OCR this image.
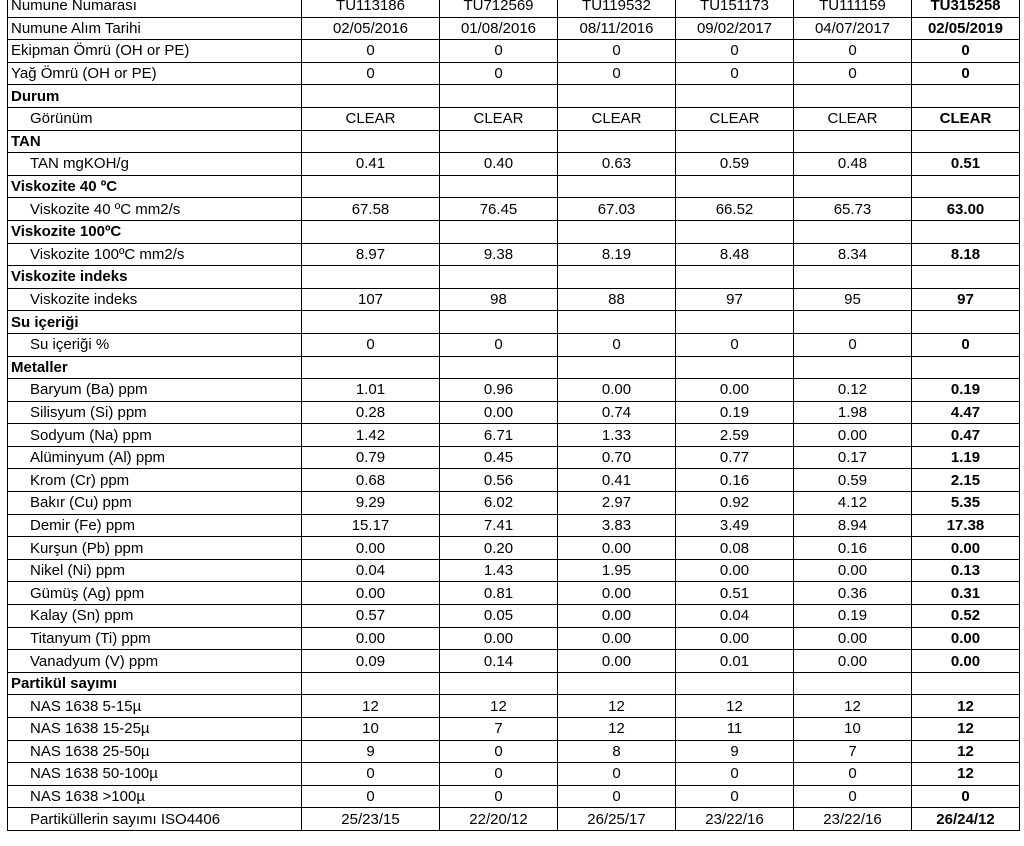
Numune Numarası	TU113186	TU712569	TU119532	TU151173	TU111159	TU315258
Numune Alım Tarihi	02/05/2016	01/08/2016	08/11/2016	09/02/2017	04/07/2017	02/05/2019
Ekipman Ömrü (OH or PE)	0	0	0	0	0	0
Yağ Ömrü (OH or PE)	0	0	0	0	0	0
Durum						
Görünüm	CLEAR	CLEAR	CLEAR	CLEAR	CLEAR	CLEAR
TAN						
TAN mgKOH/g	0.41	0.40	0.63	0.59	0.48	0.51
Viskozite 40 ºC						
Viskozite 40 ºC mm2/s	67.58	76.45	67.03	66.52	65.73	63.00
Viskozite 100ºC						
Viskozite 100ºC mm2/s	8.97	9.38	8.19	8.48	8.34	8.18
Viskozite indeks						
Viskozite indeks	107	98	88	97	95	97
Su içeriği						
Su içeriği %	0	0	0	0	0	0
Metaller						
Baryum (Ba) ppm	1.01	0.96	0.00	0.00	0.12	0.19
Silisyum (Si) ppm	0.28	0.00	0.74	0.19	1.98	4.47
Sodyum (Na) ppm	1.42	6.71	1.33	2.59	0.00	0.47
Alüminyum (Al) ppm	0.79	0.45	0.70	0.77	0.17	1.19
Krom (Cr) ppm	0.68	0.56	0.41	0.16	0.59	2.15
Bakır (Cu) ppm	9.29	6.02	2.97	0.92	4.12	5.35
Demir (Fe) ppm	15.17	7.41	3.83	3.49	8.94	17.38
Kurşun (Pb) ppm	0.00	0.20	0.00	0.08	0.16	0.00
Nikel (Ni) ppm	0.04	1.43	1.95	0.00	0.00	0.13
Gümüş (Ag) ppm	0.00	0.81	0.00	0.51	0.36	0.31
Kalay (Sn) ppm	0.57	0.05	0.00	0.04	0.19	0.52
Titanyum (Ti) ppm	0.00	0.00	0.00	0.00	0.00	0.00
Vanadyum (V) ppm	0.09	0.14	0.00	0.01	0.00	0.00
Partikül sayımı						
NAS 1638 5-15µ	12	12	12	12	12	12
NAS 1638 15-25µ	10	7	12	11	10	12
NAS 1638 25-50µ	9	0	8	9	7	12
NAS 1638 50-100µ	0	0	0	0	0	12
NAS 1638 >100µ	0	0	0	0	0	0
Partiküllerin sayımı ISO4406	25/23/15	22/20/12	26/25/17	23/22/16	23/22/16	26/24/12
